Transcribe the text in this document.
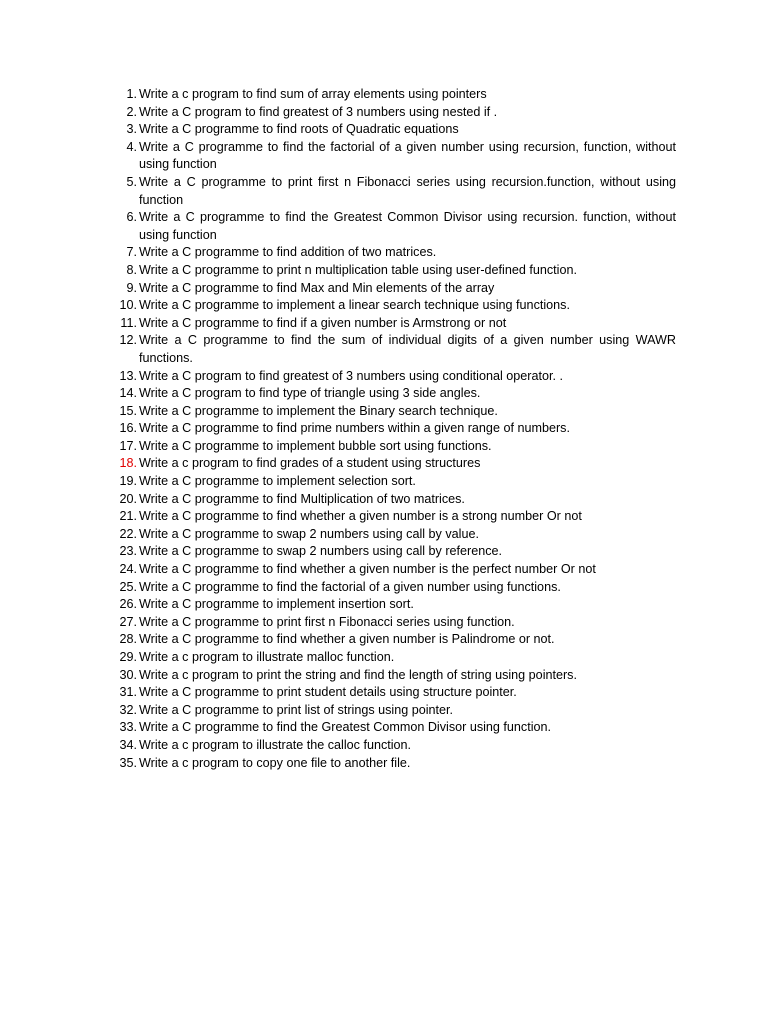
1. Write a c program to find sum of array elements using pointers
2. Write a C program to find greatest of 3 numbers using nested if .
3. Write a C programme to find roots of Quadratic equations
4. Write a C programme to find the factorial of a given number using recursion, function, without using function
5. Write a C programme to print first n Fibonacci series using recursion.function, without using function
6. Write a C programme to find the Greatest Common Divisor using recursion. function, without using function
7. Write a C programme to find addition of two matrices.
8. Write a C programme to print n multiplication table using user-defined function.
9. Write a C programme to find Max and Min elements of the array
10. Write a C programme to implement a linear search technique using functions.
11. Write a C programme to find if a given number is Armstrong or not
12. Write a C programme to find the sum of individual digits of a given number using WAWR functions.
13. Write a C program to find greatest of 3 numbers using conditional operator. .
14. Write a C program to find type of triangle using 3 side angles.
15. Write a C programme to implement the Binary search technique.
16. Write a C programme to find prime numbers within a given range of numbers.
17. Write a C programme to implement bubble sort using functions.
18. Write a c program to find grades of a student using structures
19. Write a C programme to implement selection sort.
20. Write a C programme to find Multiplication of two matrices.
21. Write a C programme to find whether a given number is a strong number Or not
22. Write a C programme to swap 2 numbers using call by value.
23. Write a C programme to swap 2 numbers using call by reference.
24. Write a C programme to find whether a given number is the perfect number Or not
25. Write a C programme to find the factorial of a given number using functions.
26. Write a C programme to implement insertion sort.
27. Write a C programme to print first n Fibonacci series using function.
28. Write a C programme to find whether a given number is Palindrome or not.
29. Write a c program to illustrate malloc function.
30. Write a c program to print the string and find the length of string using pointers.
31. Write a C programme to print student details using structure pointer.
32. Write a C programme to print list of strings using pointer.
33. Write a C programme to find the Greatest Common Divisor using function.
34. Write a c program to illustrate the calloc function.
35. Write a c program to copy one file to another file.
